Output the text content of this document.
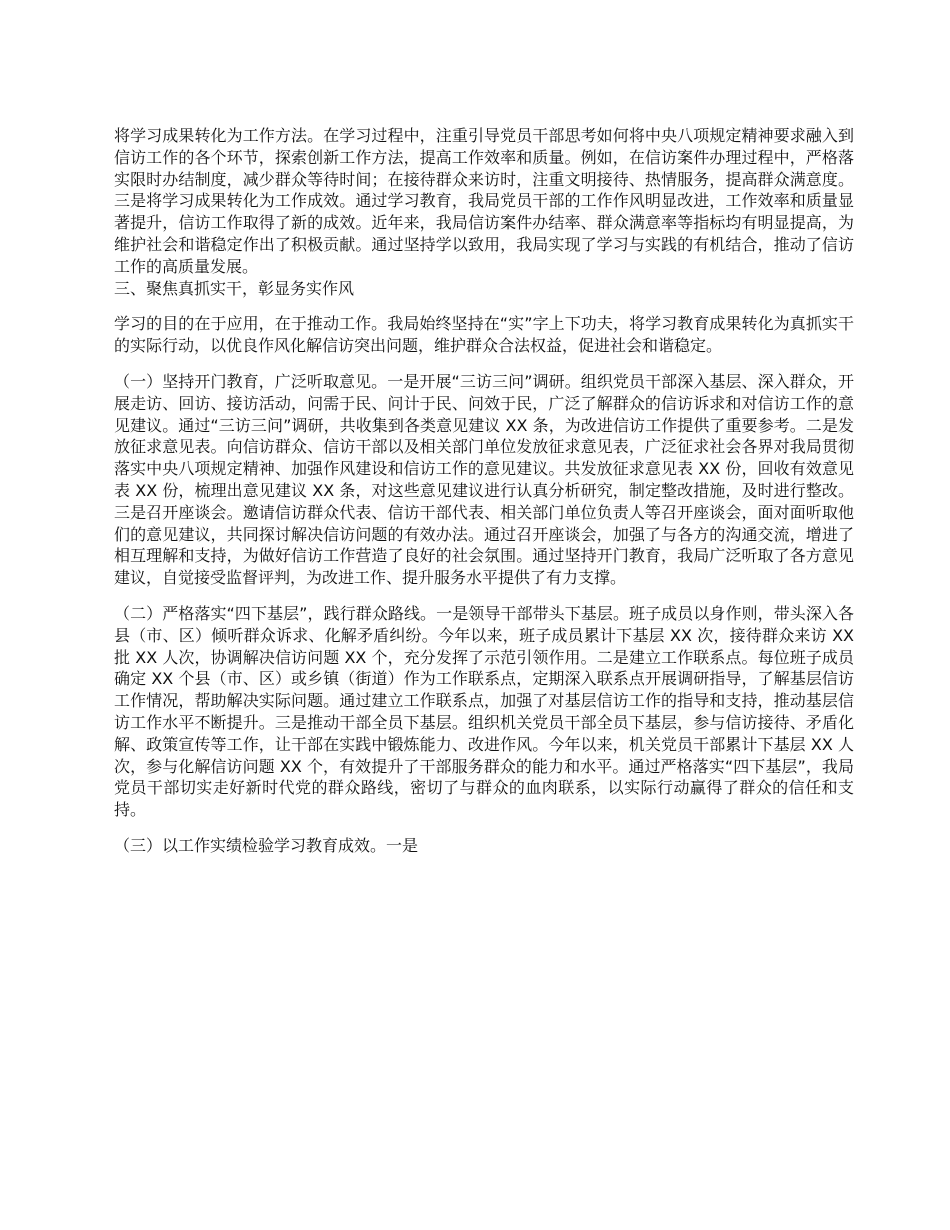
将学习成果转化为工作方法。在学习过程中，注重引导党员干部思考如何将中央八项规定精神要求融入到信访工作的各个环节，探索创新工作方法，提高工作效率和质量。例如，在信访案件办理过程中，严格落实限时办结制度，减少群众等待时间；在接待群众来访时，注重文明接待、热情服务，提高群众满意度。三是将学习成果转化为工作成效。通过学习教育，我局党员干部的工作作风明显改进，工作效率和质量显著提升，信访工作取得了新的成效。近年来，我局信访案件办结率、群众满意率等指标均有明显提高，为维护社会和谐稳定作出了积极贡献。通过坚持学以致用，我局实现了学习与实践的有机结合，推动了信访工作的高质量发展。

三、聚焦真抓实干，彰显务实作风

学习的目的在于应用，在于推动工作。我局始终坚持在“实”字上下功夫，将学习教育成果转化为真抓实干的实际行动，以优良作风化解信访突出问题，维护群众合法权益，促进社会和谐稳定。

（一）坚持开门教育，广泛听取意见。一是开展“三访三问”调研。组织党员干部深入基层、深入群众，开展走访、回访、接访活动，问需于民、问计于民、问效于民，广泛了解群众的信访诉求和对信访工作的意见建议。通过“三访三问”调研，共收集到各类意见建议 XX 条，为改进信访工作提供了重要参考。二是发放征求意见表。向信访群众、信访干部以及相关部门单位发放征求意见表，广泛征求社会各界对我局贯彻落实中央八项规定精神、加强作风建设和信访工作的意见建议。共发放征求意见表 XX 份，回收有效意见表 XX 份，梳理出意见建议 XX 条，对这些意见建议进行认真分析研究，制定整改措施，及时进行整改。三是召开座谈会。邀请信访群众代表、信访干部代表、相关部门单位负责人等召开座谈会，面对面听取他们的意见建议，共同探讨解决信访问题的有效办法。通过召开座谈会，加强了与各方的沟通交流，增进了相互理解和支持，为做好信访工作营造了良好的社会氛围。通过坚持开门教育，我局广泛听取了各方意见建议，自觉接受监督评判，为改进工作、提升服务水平提供了有力支撑。

（二）严格落实“四下基层”，践行群众路线。一是领导干部带头下基层。班子成员以身作则，带头深入各县（市、区）倾听群众诉求、化解矛盾纠纷。今年以来，班子成员累计下基层 XX 次，接待群众来访 XX 批 XX 人次，协调解决信访问题 XX 个，充分发挥了示范引领作用。二是建立工作联系点。每位班子成员确定 XX 个县（市、区）或乡镇（街道）作为工作联系点，定期深入联系点开展调研指导，了解基层信访工作情况，帮助解决实际问题。通过建立工作联系点，加强了对基层信访工作的指导和支持，推动基层信访工作水平不断提升。三是推动干部全员下基层。组织机关党员干部全员下基层，参与信访接待、矛盾化解、政策宣传等工作，让干部在实践中锻炼能力、改进作风。今年以来，机关党员干部累计下基层 XX 人次，参与化解信访问题 XX 个，有效提升了干部服务群众的能力和水平。通过严格落实“四下基层”，我局党员干部切实走好新时代党的群众路线，密切了与群众的血肉联系，以实际行动赢得了群众的信任和支持。

（三）以工作实绩检验学习教育成效。一是
